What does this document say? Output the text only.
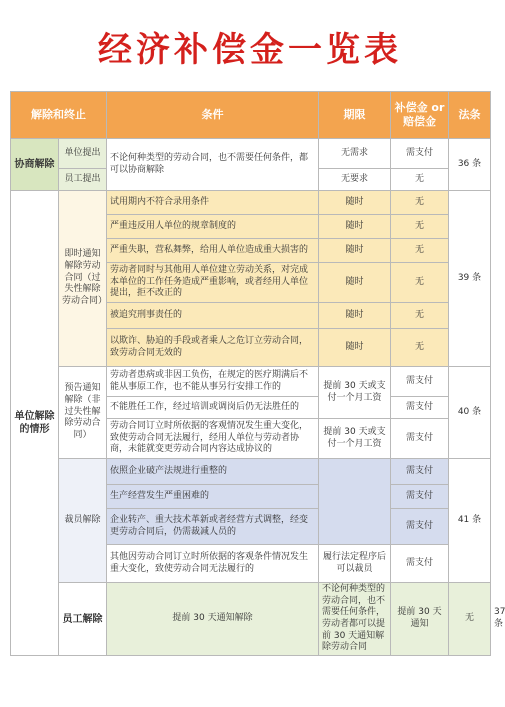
经济补偿金一览表
解除和终止		条件	期限	补偿金 or 赔偿金	法条	
协商解除	单位提出	不论何种类型的劳动合同，也不需要任何条件，都可以协商解除	无需求	需支付	36 条	
	员工提出		无要求	无		
单位解除的情形	即时通知解除劳动合同（过失性解除劳动合同）	试用期内不符合录用条件	随时	无	39 条	
		严重违反用人单位的规章制度的	随时	无		
		严重失职，营私舞弊，给用人单位造成重大损害的	随时	无		
		劳动者同时与其他用人单位建立劳动关系，对完成本单位的工作任务造成严重影响，或者经用人单位提出，拒不改正的	随时	无		
		被追究刑事责任的	随时	无		
		以欺诈、胁迫的手段或者乘人之危订立劳动合同，致劳动合同无效的	随时	无		
	预告通知解除（非过失性解除劳动合同）	劳动者患病或非因工负伤，在规定的医疗期满后不能从事原工作，也不能从事另行安排工作的	提前 30 天或支付一个月工资	需支付	40 条	
		不能胜任工作，经过培训或调岗后仍无法胜任的		需支付		
		劳动合同订立时所依据的客观情况发生重大变化，致使劳动合同无法履行，经用人单位与劳动者协商，未能就变更劳动合同内容达成协议的	提前 30 天或支付一个月工资	需支付		
	裁员解除	依照企业破产法规进行重整的		需支付	41 条	
		生产经营发生严重困难的		需支付		
		企业转产、重大技术革新或者经营方式调整，经变更劳动合同后，仍需裁减人员的		需支付		
		其他因劳动合同订立时所依据的客观条件情况发生重大变化，致使劳动合同无法履行的	履行法定程序后可以裁员	需支付		
	员工解除	提前 30 天通知解除	不论何种类型的劳动合同，也不需要任何条件，劳动者都可以提前 30 天通知解除劳动合同	提前 30 天通知	无	37 条
